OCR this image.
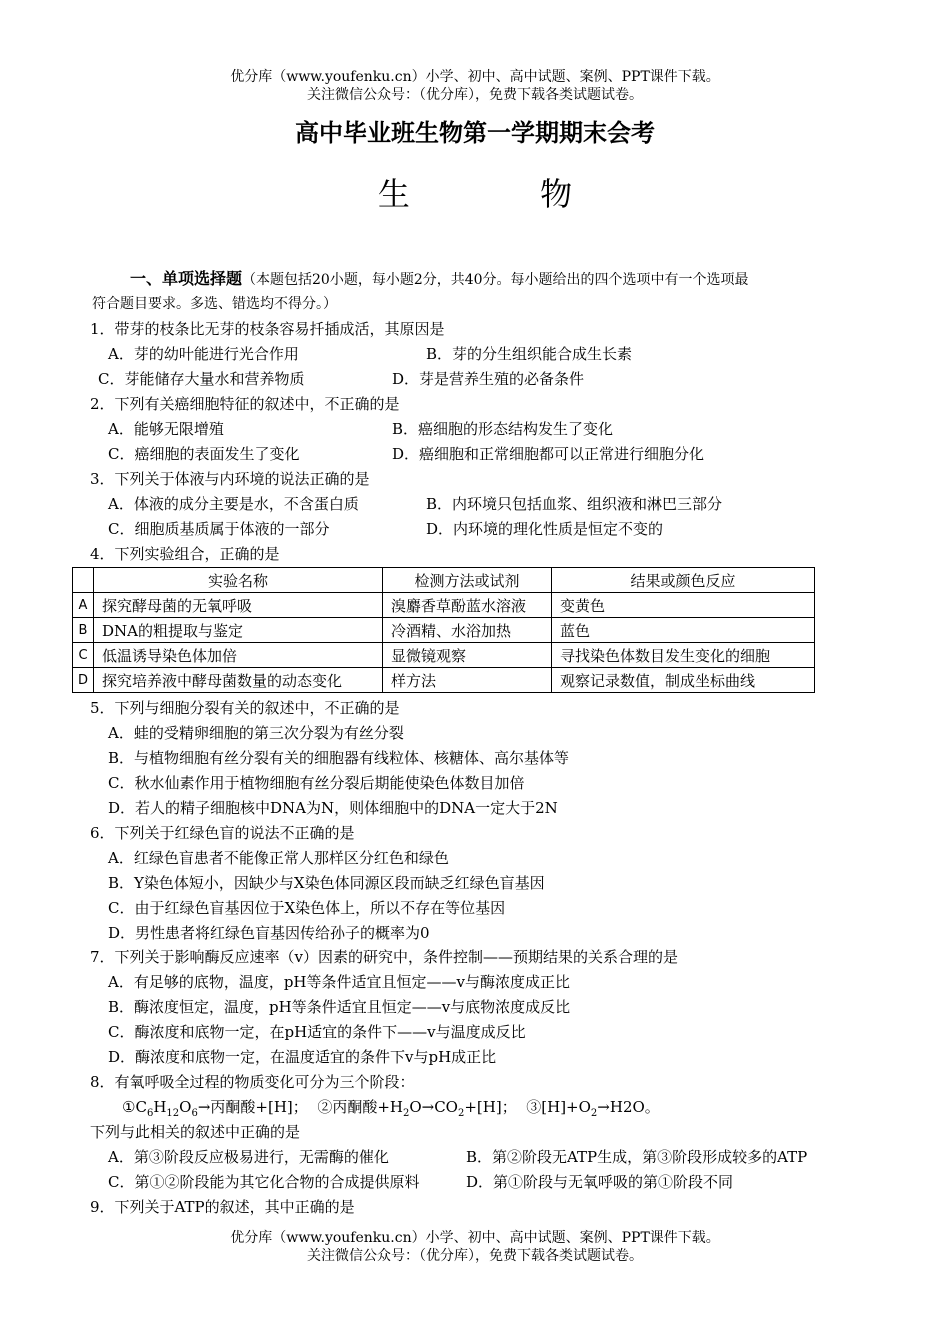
优分库（www.youfenku.cn）小学、初中、高中试题、案例、PPT课件下载。
关注微信公众号：（优分库），免费下载各类试题试卷。
高中毕业班生物第一学期期末会考
生 物
一、单项选择题（本题包括20小题，每小题2分，共40分。每小题给出的四个选项中有一个选项最
符合题目要求。多选、错选均不得分。）
1．带芽的枝条比无芽的枝条容易扦插成活，其原因是
A．芽的幼叶能进行光合作用	B．芽的分生组织能合成生长素
C．芽能储存大量水和营养物质	D．芽是营养生殖的必备条件
2．下列有关癌细胞特征的叙述中，不正确的是
A．能够无限增殖	B．癌细胞的形态结构发生了变化
C．癌细胞的表面发生了变化	D．癌细胞和正常细胞都可以正常进行细胞分化
3．下列关于体液与内环境的说法正确的是
A．体液的成分主要是水，不含蛋白质	B．内环境只包括血浆、组织液和淋巴三部分
C．细胞质基质属于体液的一部分	D．内环境的理化性质是恒定不变的
4．下列实验组合，正确的是
	实验名称	检测方法或试剂	结果或颜色反应
A	探究酵母菌的无氧呼吸	溴麝香草酚蓝水溶液	变黄色
B	DNA的粗提取与鉴定	冷酒精、水浴加热	蓝色
C	低温诱导染色体加倍	显微镜观察	寻找染色体数目发生变化的细胞
D	探究培养液中酵母菌数量的动态变化	样方法	观察记录数值，制成坐标曲线
5．下列与细胞分裂有关的叙述中，不正确的是
A．蛙的受精卵细胞的第三次分裂为有丝分裂
B．与植物细胞有丝分裂有关的细胞器有线粒体、核糖体、高尔基体等
C．秋水仙素作用于植物细胞有丝分裂后期能使染色体数目加倍
D．若人的精子细胞核中DNA为N，则体细胞中的DNA一定大于2N
6．下列关于红绿色盲的说法不正确的是
A．红绿色盲患者不能像正常人那样区分红色和绿色
B．Y染色体短小，因缺少与X染色体同源区段而缺乏红绿色盲基因
C．由于红绿色盲基因位于X染色体上，所以不存在等位基因
D．男性患者将红绿色盲基因传给孙子的概率为0
7．下列关于影响酶反应速率（v）因素的研究中，条件控制——预期结果的关系合理的是
A．有足够的底物，温度，pH等条件适宜且恒定——v与酶浓度成正比
B．酶浓度恒定，温度，pH等条件适宜且恒定——v与底物浓度成反比
C．酶浓度和底物一定，在pH适宜的条件下——v与温度成反比
D．酶浓度和底物一定，在温度适宜的条件下v与pH成正比
8．有氧呼吸全过程的物质变化可分为三个阶段：
$①C_6H_{12}O_6\to$丙酮酸+[H]； ②丙酮酸$+H_2O\to CO_2+[H]$； $③[H]+O_2\to H2O$。
下列与此相关的叙述中正确的是
A．第③阶段反应极易进行，无需酶的催化	B．第②阶段无ATP生成，第③阶段形成较多的ATP
C．第①②阶段能为其它化合物的合成提供原料	D．第①阶段与无氧呼吸的第①阶段不同
9．下列关于ATP的叙述，其中正确的是
优分库（www.youfenku.cn）小学、初中、高中试题、案例、PPT课件下载。
关注微信公众号：（优分库），免费下载各类试题试卷。
